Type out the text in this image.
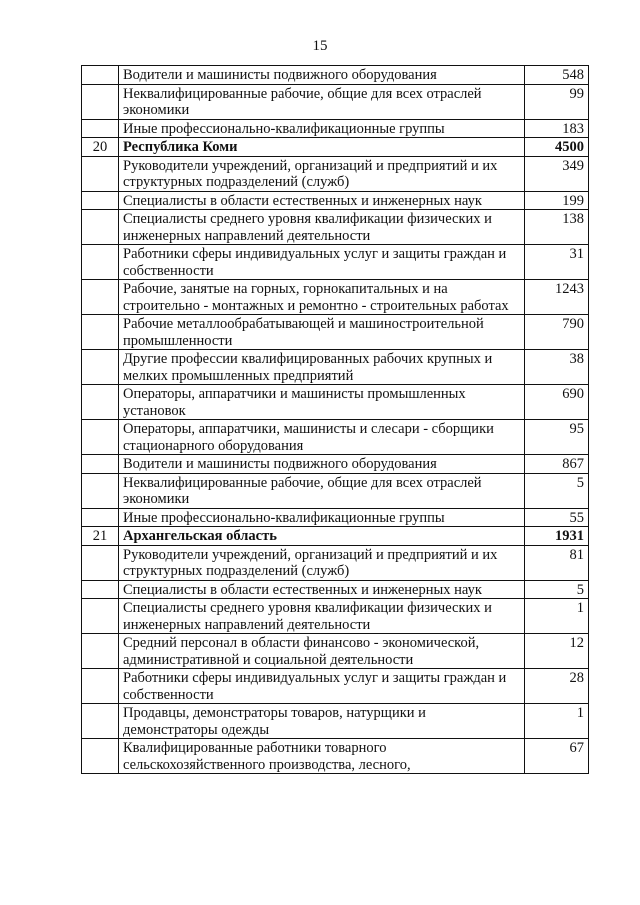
15
	Водители и машинисты подвижного оборудования	548
	Неквалифицированные рабочие, общие для всех отраслей экономики	99
	Иные профессионально-квалификационные группы	183
20	Республика Коми	4500
	Руководители учреждений, организаций и предприятий и их структурных подразделений (служб)	349
	Специалисты в области естественных и инженерных наук	199
	Специалисты среднего уровня квалификации физических и инженерных направлений деятельности	138
	Работники сферы индивидуальных услуг и защиты граждан и собственности	31
	Рабочие, занятые на горных, горнокапитальных и на строительно - монтажных и ремонтно - строительных работах	1243
	Рабочие металлообрабатывающей и машиностроительной промышленности	790
	Другие профессии квалифицированных рабочих крупных и мелких промышленных предприятий	38
	Операторы, аппаратчики и машинисты промышленных установок	690
	Операторы, аппаратчики, машинисты и слесари - сборщики стационарного оборудования	95
	Водители и машинисты подвижного оборудования	867
	Неквалифицированные рабочие, общие для всех отраслей экономики	5
	Иные профессионально-квалификационные группы	55
21	Архангельская область	1931
	Руководители учреждений, организаций и предприятий и их структурных подразделений (служб)	81
	Специалисты в области естественных и инженерных наук	5
	Специалисты среднего уровня квалификации физических и инженерных направлений деятельности	1
	Средний персонал в области финансово - экономической, административной и социальной деятельности	12
	Работники сферы индивидуальных услуг и защиты граждан и собственности	28
	Продавцы, демонстраторы товаров, натурщики и демонстраторы одежды	1
	Квалифицированные работники товарного сельскохозяйственного производства, лесного,	67
